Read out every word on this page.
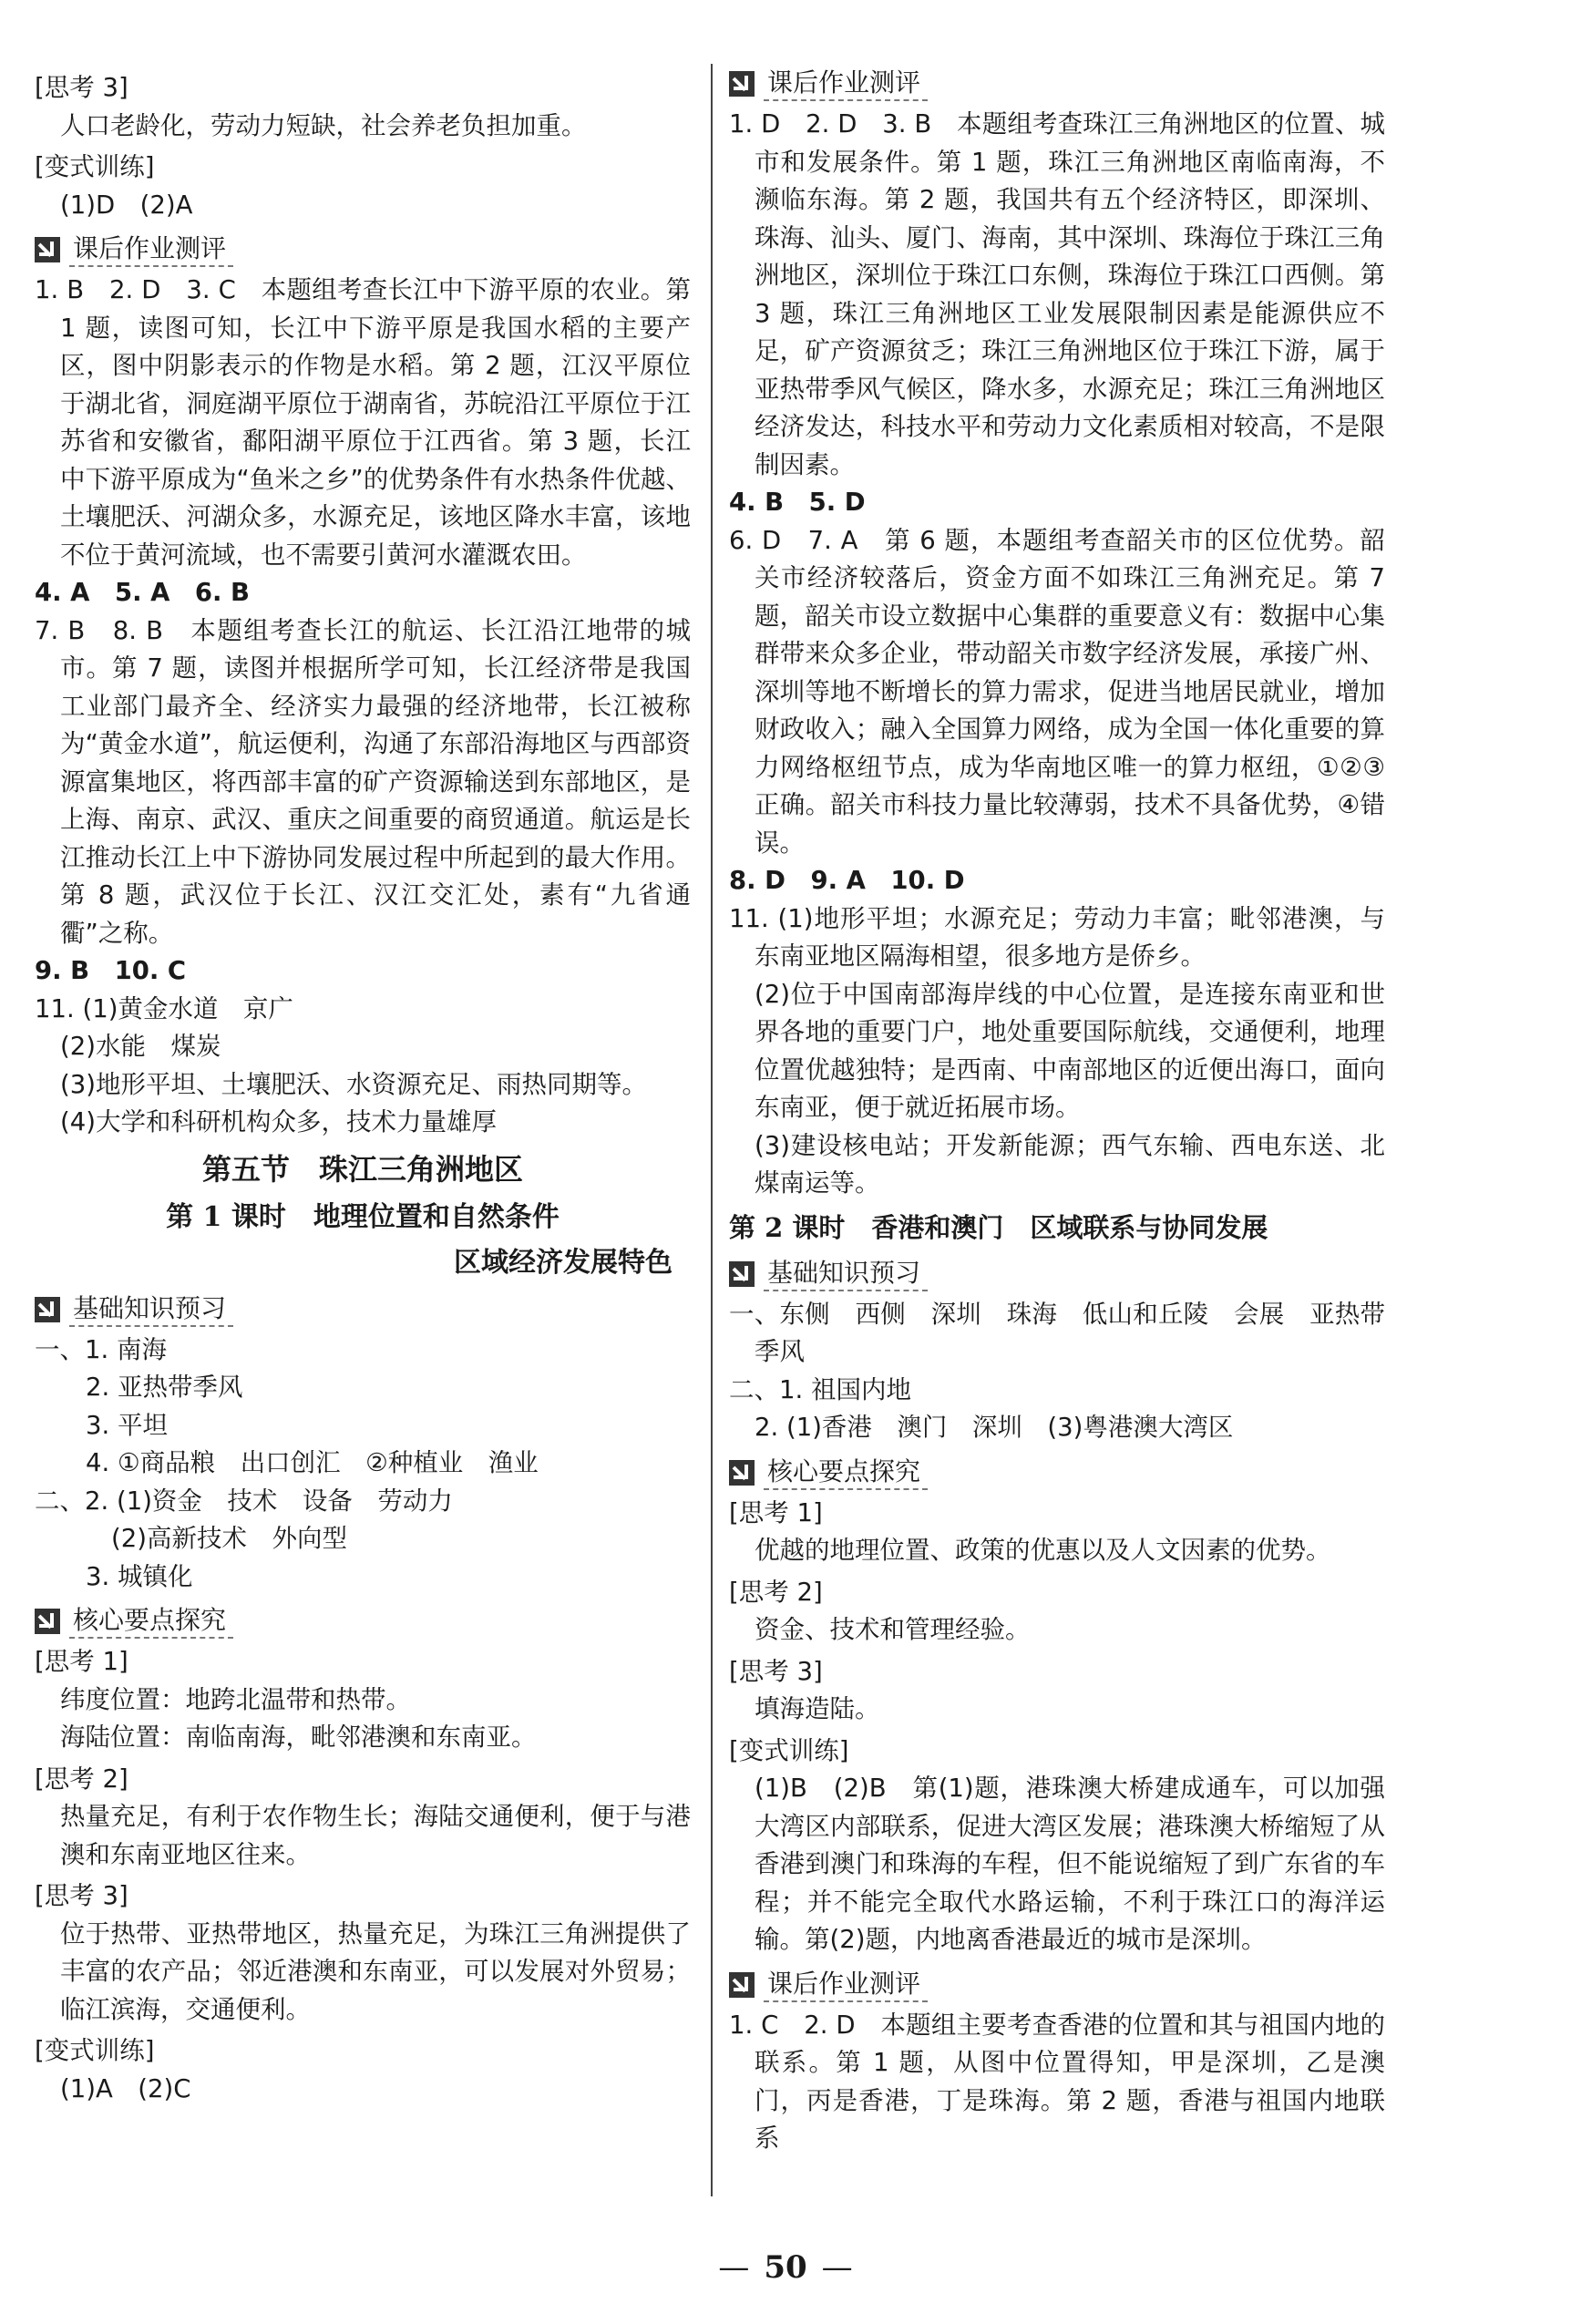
[思考 3]

人口老龄化，劳动力短缺，社会养老负担加重。

[变式训练]

(1)D　(2)A

课后作业测评

1. B　2. D　3. C　本题组考查长江中下游平原的农业。第 1 题，读图可知，长江中下游平原是我国水稻的主要产区，图中阴影表示的作物是水稻。第 2 题，江汉平原位于湖北省，洞庭湖平原位于湖南省，苏皖沿江平原位于江苏省和安徽省，鄱阳湖平原位于江西省。第 3 题，长江中下游平原成为“鱼米之乡”的优势条件有水热条件优越、土壤肥沃、河湖众多，水源充足，该地区降水丰富，该地不位于黄河流域，也不需要引黄河水灌溉农田。

4. A　5. A　6. B

7. B　8. B　本题组考查长江的航运、长江沿江地带的城市。第 7 题，读图并根据所学可知，长江经济带是我国工业部门最齐全、经济实力最强的经济地带，长江被称为“黄金水道”，航运便利，沟通了东部沿海地区与西部资源富集地区，将西部丰富的矿产资源输送到东部地区，是上海、南京、武汉、重庆之间重要的商贸通道。航运是长江推动长江上中下游协同发展过程中所起到的最大作用。第 8 题，武汉位于长江、汉江交汇处，素有“九省通衢”之称。

9. B　10. C

11. (1)黄金水道　京广

(2)水能　煤炭

(3)地形平坦、土壤肥沃、水资源充足、雨热同期等。

(4)大学和科研机构众多，技术力量雄厚

第五节　珠江三角洲地区
第 1 课时　地理位置和自然条件
区域经济发展特色
基础知识预习

一、1. 南海

2. 亚热带季风

3. 平坦

4. ①商品粮　出口创汇　②种植业　渔业

二、2. (1)资金　技术　设备　劳动力

(2)高新技术　外向型

3. 城镇化

核心要点探究

[思考 1]

纬度位置：地跨北温带和热带。

海陆位置：南临南海，毗邻港澳和东南亚。

[思考 2]

热量充足，有利于农作物生长；海陆交通便利，便于与港澳和东南亚地区往来。

[思考 3]

位于热带、亚热带地区，热量充足，为珠江三角洲提供了丰富的农产品；邻近港澳和东南亚，可以发展对外贸易；临江滨海，交通便利。

[变式训练]

(1)A　(2)C

课后作业测评

1. D　2. D　3. B　本题组考查珠江三角洲地区的位置、城市和发展条件。第 1 题，珠江三角洲地区南临南海，不濒临东海。第 2 题，我国共有五个经济特区，即深圳、珠海、汕头、厦门、海南，其中深圳、珠海位于珠江三角洲地区，深圳位于珠江口东侧，珠海位于珠江口西侧。第 3 题，珠江三角洲地区工业发展限制因素是能源供应不足，矿产资源贫乏；珠江三角洲地区位于珠江下游，属于亚热带季风气候区，降水多，水源充足；珠江三角洲地区经济发达，科技水平和劳动力文化素质相对较高，不是限制因素。

4. B　5. D

6. D　7. A　第 6 题，本题组考查韶关市的区位优势。韶关市经济较落后，资金方面不如珠江三角洲充足。第 7 题，韶关市设立数据中心集群的重要意义有：数据中心集群带来众多企业，带动韶关市数字经济发展，承接广州、深圳等地不断增长的算力需求，促进当地居民就业，增加财政收入；融入全国算力网络，成为全国一体化重要的算力网络枢纽节点，成为华南地区唯一的算力枢纽，①②③正确。韶关市科技力量比较薄弱，技术不具备优势，④错误。

8. D　9. A　10. D

11. (1)地形平坦；水源充足；劳动力丰富；毗邻港澳，与东南亚地区隔海相望，很多地方是侨乡。

(2)位于中国南部海岸线的中心位置，是连接东南亚和世界各地的重要门户，地处重要国际航线，交通便利，地理位置优越独特；是西南、中南部地区的近便出海口，面向东南亚，便于就近拓展市场。

(3)建设核电站；开发新能源；西气东输、西电东送、北煤南运等。

第 2 课时　香港和澳门　区域联系与协同发展
基础知识预习

一、东侧　西侧　深圳　珠海　低山和丘陵　会展　亚热带季风

二、1. 祖国内地

2. (1)香港　澳门　深圳　(3)粤港澳大湾区

核心要点探究

[思考 1]

优越的地理位置、政策的优惠以及人文因素的优势。

[思考 2]

资金、技术和管理经验。

[思考 3]

填海造陆。

[变式训练]

(1)B　(2)B　第(1)题，港珠澳大桥建成通车，可以加强大湾区内部联系，促进大湾区发展；港珠澳大桥缩短了从香港到澳门和珠海的车程，但不能说缩短了到广东省的车程；并不能完全取代水路运输，不利于珠江口的海洋运输。第(2)题，内地离香港最近的城市是深圳。

课后作业测评

1. C　2. D　本题组主要考查香港的位置和其与祖国内地的联系。第 1 题，从图中位置得知，甲是深圳，乙是澳门，丙是香港，丁是珠海。第 2 题，香港与祖国内地联系

— 50 —
